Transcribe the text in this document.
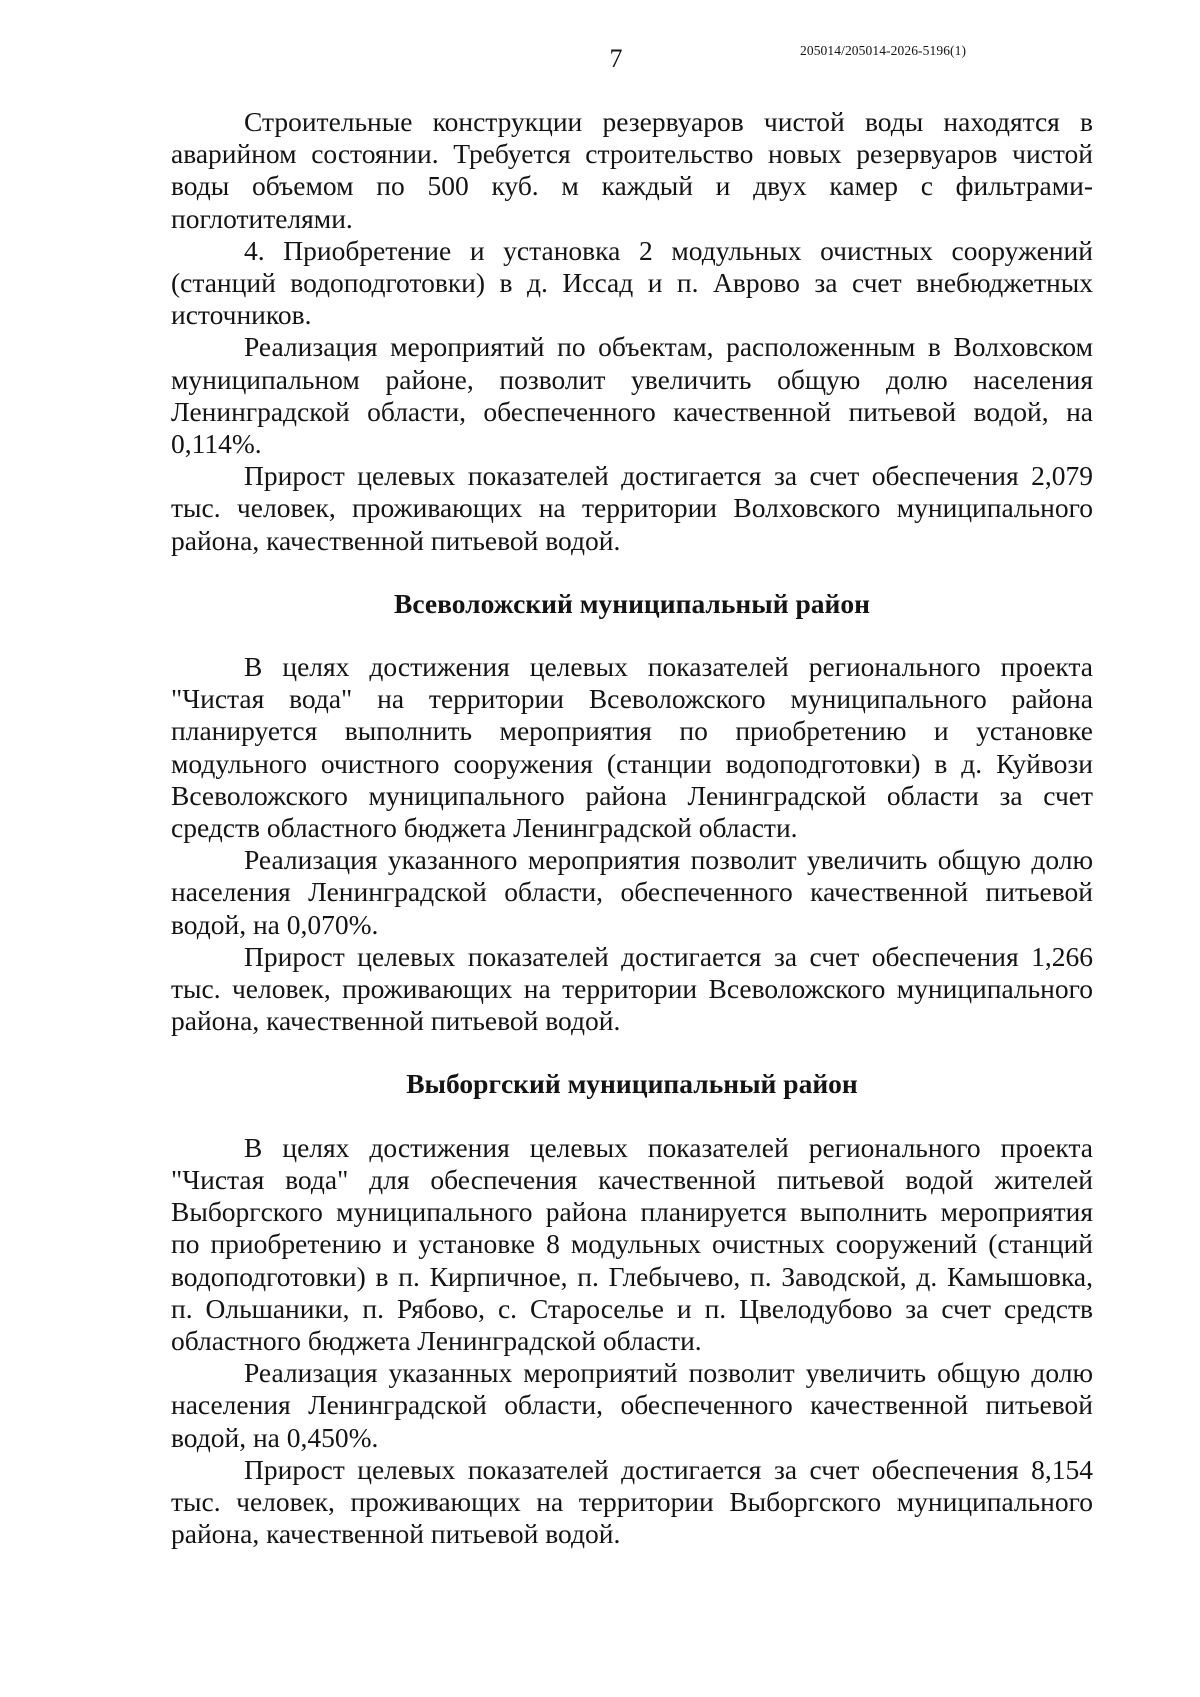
7	205014/205014-2026-5196(1)

Строительные конструкции резервуаров чистой воды находятся в аварийном состоянии. Требуется строительство новых резервуаров чистой воды объемом по 500 куб. м каждый и двух камер с фильтрами-поглотителями.

4. Приобретение и установка 2 модульных очистных сооружений (станций водоподготовки) в д. Иссад и п. Аврово за счет внебюджетных источников.

Реализация мероприятий по объектам, расположенным в Волховском муниципальном районе, позволит увеличить общую долю населения Ленинградской области, обеспеченного качественной питьевой водой, на 0,114%.

Прирост целевых показателей достигается за счет обеспечения 2,079 тыс. человек, проживающих на территории Волховского муниципального района, качественной питьевой водой.

Всеволожский муниципальный район

В целях достижения целевых показателей регионального проекта "Чистая вода" на территории Всеволожского муниципального района планируется выполнить мероприятия по приобретению и установке модульного очистного сооружения (станции водоподготовки) в д. Куйвози Всеволожского муниципального района Ленинградской области за счет средств областного бюджета Ленинградской области.

Реализация указанного мероприятия позволит увеличить общую долю населения Ленинградской области, обеспеченного качественной питьевой водой, на 0,070%.

Прирост целевых показателей достигается за счет обеспечения 1,266 тыс. человек, проживающих на территории Всеволожского муниципального района, качественной питьевой водой.

Выборгский муниципальный район

В целях достижения целевых показателей регионального проекта "Чистая вода" для обеспечения качественной питьевой водой жителей Выборгского муниципального района планируется выполнить мероприятия по приобретению и установке 8 модульных очистных сооружений (станций водоподготовки) в п. Кирпичное, п. Глебычево, п. Заводской, д. Камышовка, п. Ольшаники, п. Рябово, с. Староселье и п. Цвелодубово за счет средств областного бюджета Ленинградской области.

Реализация указанных мероприятий позволит увеличить общую долю населения Ленинградской области, обеспеченного качественной питьевой водой, на 0,450%.

Прирост целевых показателей достигается за счет обеспечения 8,154 тыс. человек, проживающих на территории Выборгского муниципального района, качественной питьевой водой.
